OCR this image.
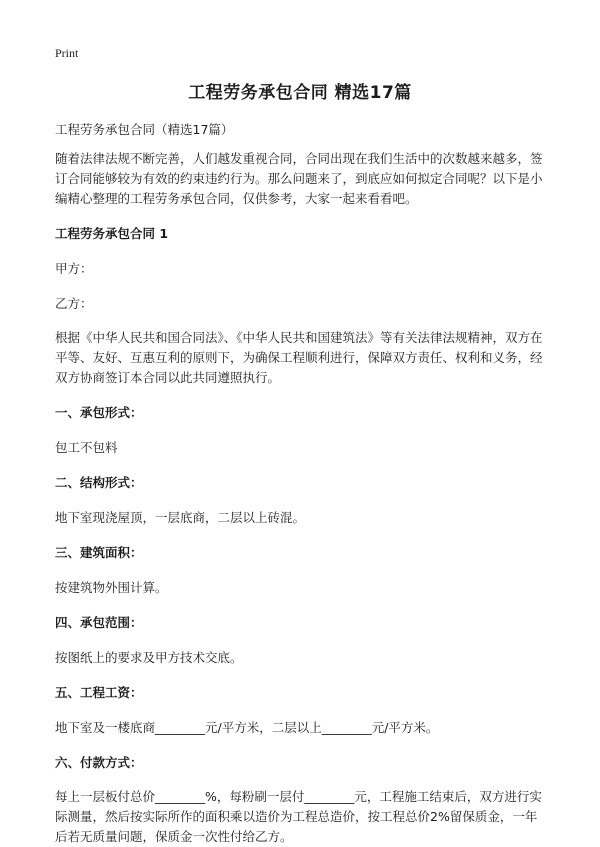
Print
工程劳务承包合同 精选17篇

工程劳务承包合同（精选17篇）

随着法律法规不断完善，人们越发重视合同，合同出现在我们生活中的次数越来越多，签订合同能够较为有效的约束违约行为。那么问题来了，到底应如何拟定合同呢？以下是小编精心整理的工程劳务承包合同，仅供参考，大家一起来看看吧。

工程劳务承包合同 1

甲方：

乙方：

根据《中华人民共和国合同法》、《中华人民共和国建筑法》等有关法律法规精神，双方在平等、友好、互惠互利的原则下，为确保工程顺利进行，保障双方责任、权利和义务，经双方协商签订本合同以此共同遵照执行。

一、承包形式：

包工不包料

二、结构形式：

地下室现浇屋顶，一层底商，二层以上砖混。

三、建筑面积：

按建筑物外围计算。

四、承包范围：

按图纸上的要求及甲方技术交底。

五、工程工资：

地下室及一楼底商________元/平方米，二层以上________元/平方米。

六、付款方式：

每上一层板付总价________%，每粉刷一层付________元，工程施工结束后，双方进行实际测量，然后按实际所作的面积乘以造价为工程总造价，按工程总价2%留保质金，一年后若无质量问题，保质金一次性付给乙方。
